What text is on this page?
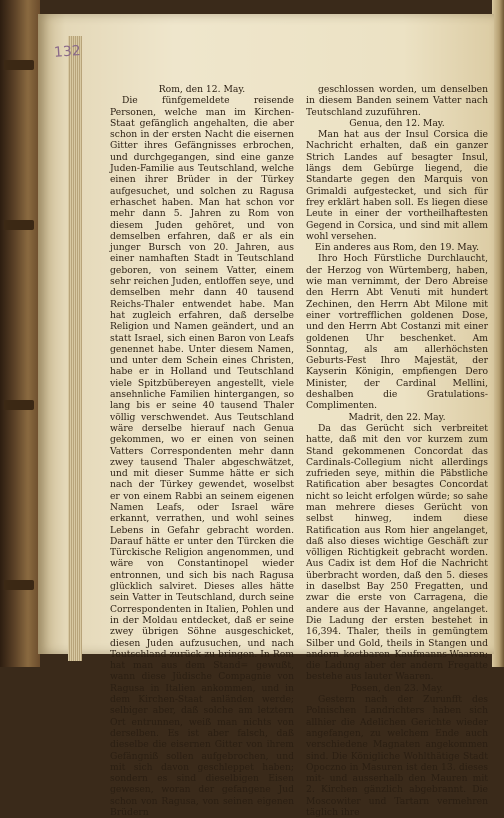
132

Rom, den 12. May.

Die fünfgemeldete reisende Personen, welche man im Kirchen-Staat gefänglich angehalten, die aber schon in der ersten Nacht die eisernen Gitter ihres Gefängnisses erbrochen, und durchgegangen, sind eine ganze Juden-Familie aus Teutschland, welche einen ihrer Brüder in der Türkey aufgesuchet, und solchen zu Ragusa erhaschet haben. Man hat schon vor mehr dann 5. Jahren zu Rom von diesem Juden gehöret, und von demselben erfahren, daß er als ein junger Bursch von 20. Jahren, aus einer namhaften Stadt in Teutschland geboren, von seinem Vatter, einem sehr reichen Juden, entloffen seye, und demselben mehr dann 40 tausend Reichs-Thaler entwendet habe. Man hat zugleich erfahren, daß derselbe Religion und Namen geändert, und an statt Israel, sich einen Baron von Leafs genennet habe. Unter diesem Namen, und unter dem Schein eines Christen, habe er in Holland und Teutschland viele Spitzbübereyen angestellt, viele ansehnliche Familien hintergangen, so lang bis er seine 40 tausend Thaler völlig verschwendet. Aus Teutschland wäre derselbe hierauf nach Genua gekommen, wo er einen von seinen Vatters Correspondenten mehr dann zwey tausend Thaler abgeschwätzet, und mit dieser Summe hätte er sich nach der Türkey gewendet, woselbst er von einem Rabbi an seinem eigenen Namen Leafs, oder Israel wäre erkannt, verrathen, und wohl seines Lebens in Gefahr gebracht worden. Darauf hätte er unter den Türcken die Türckische Religion angenommen, und wäre von Constantinopel wieder entronnen, und sich bis nach Ragusa glücklich salviret. Dieses alles hätte sein Vatter in Teutschland, durch seine Correspondenten in Italien, Pohlen und in der Moldau entdecket, daß er seine zwey übrigen Söhne ausgeschicket, diesen Juden aufzusuchen, und nach Teutschland zurück zu bringen. In Rom hat man aus dem Stand= gewußt, wann diese Jüdische Compagnie von Ragusa in Italien ankommen, und in dem Kirchen-Staat anländen werde; selbiger aber, daß solche am letztern Ort entrunnen, weiß man nichts von derselben. Es ist aber falsch, daß dieselbe die eisernen Gitter von ihrem Gefängniß sollen aufgebrochen, und mit sich davon geschleppet haben; sondern es sind dieselbigen Eisen gewesen, woran der gefangene Jud schon von Ragusa, von seinen eigenen Brüdern

geschlossen worden, um denselben in diesem Banden seinem Vatter nach Teutschland zuzuführen.

Genua, den 12. May.

Man hat aus der Insul Corsica die Nachricht erhalten, daß ein ganzer Strich Landes auf besagter Insul, längs dem Gebürge liegend, die Standarte gegen den Marquis von Grimaldi aufgestecket, und sich für frey erklärt haben soll. Es liegen diese Leute in einer der vortheilhaftesten Gegend in Corsica, und sind mit allem wohl versehen.

Ein anderes aus Rom, den 19. May.

Ihro Hoch Fürstliche Durchlaucht, der Herzog von Würtemberg, haben, wie man vernimmt, der Dero Abreise den Herrn Abt Venuti mit hundert Zechinen, den Herrn Abt Milone mit einer vortrefflichen goldenen Dose, und den Herrn Abt Costanzi mit einer goldenen Uhr beschenket. Am Sonntag, als am allerhöchsten Geburts-Fest Ihro Majestät, der Kayserin Königin, empfiengen Dero Minister, der Cardinal Mellini, deshalben die Gratulations-Complimenten.

Madrit, den 22. May.

Da das Gerücht sich verbreitet hatte, daß mit den vor kurzem zum Stand gekommenen Concordat das Cardinals-Collegium nicht allerdings zufrieden seye, mithin die Päbstliche Ratification aber besagtes Concordat nicht so leicht erfolgen würde; so sahe man mehrere dieses Gerücht von selbst hinweg, indem diese Ratification aus Rom hier angelanget, daß also dieses wichtige Geschäft zur völligen Richtigkeit gebracht worden. Aus Cadix ist dem Hof die Nachricht überbracht worden, daß den 5. dieses in daselbst Bay 250 Fregatten, und zwar die erste von Carragena, die andere aus der Havanne, angelanget. Die Ladung der ersten bestehet in 16,394. Thaler, theils in gemüngtem Silber und Gold, theils in Stangen und andern kostbaren Kaufmanns-Waaren; die Ladung aber der andern Fregatte bestehe aus lauter Waaren.

Posen, den 23. May.

Gestern nach der Zurunfft des Polnischen Landrichters haben sich allhier die Adelichen Gerichte wieder angefangen, zu welchem Ende auch verschiedene Magnaten angekommen sind. Die Königliche Wohlthätige Stadt Opoczno in Masuren ist den 13. dieses mit- und ausserhalb den Mauren mit 2. Kirchen gänzlich abgebrannt. Die Moscowiter und Tartarn vermehren täglich ihre
